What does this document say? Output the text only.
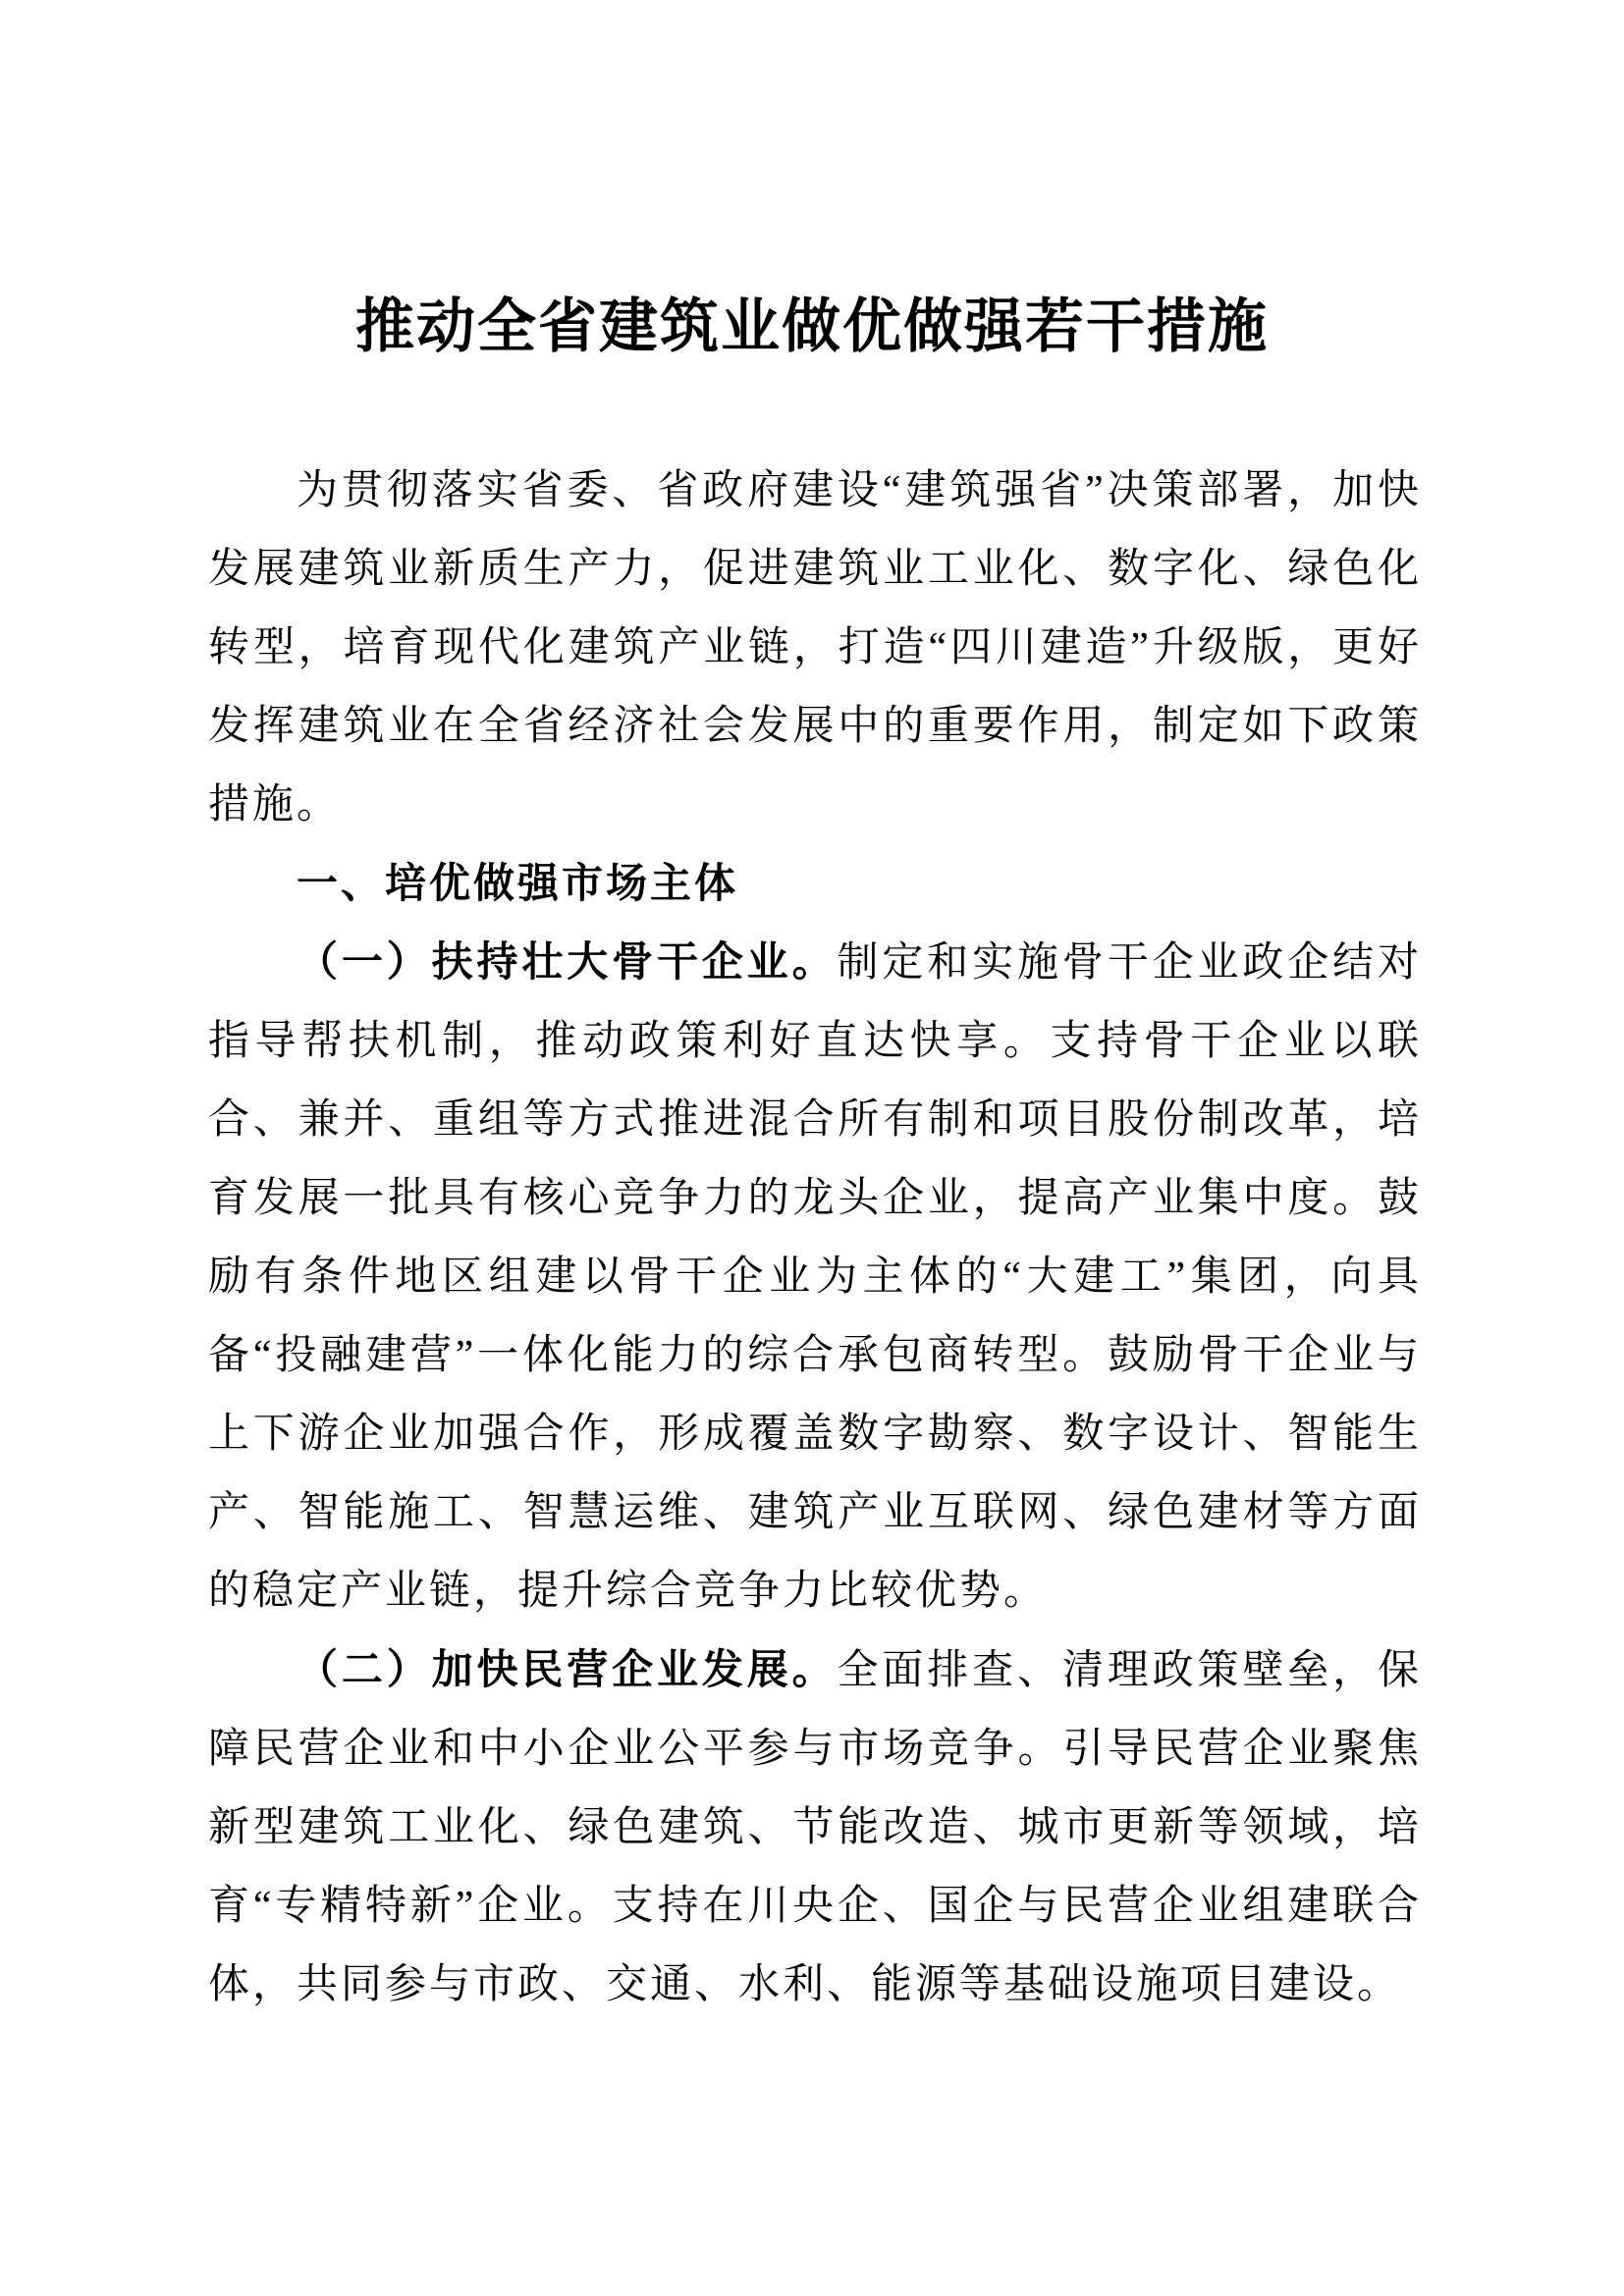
推动全省建筑业做优做强若干措施

为贯彻落实省委、省政府建设“建筑强省”决策部署，加快发展建筑业新质生产力，促进建筑业工业化、数字化、绿色化转型，培育现代化建筑产业链，打造“四川建造”升级版，更好发挥建筑业在全省经济社会发展中的重要作用，制定如下政策措施。

一、培优做强市场主体

（一）扶持壮大骨干企业。制定和实施骨干企业政企结对指导帮扶机制，推动政策利好直达快享。支持骨干企业以联合、兼并、重组等方式推进混合所有制和项目股份制改革，培育发展一批具有核心竞争力的龙头企业，提高产业集中度。鼓励有条件地区组建以骨干企业为主体的“大建工”集团，向具备“投融建营”一体化能力的综合承包商转型。鼓励骨干企业与上下游企业加强合作，形成覆盖数字勘察、数字设计、智能生产、智能施工、智慧运维、建筑产业互联网、绿色建材等方面的稳定产业链，提升综合竞争力比较优势。

（二）加快民营企业发展。全面排查、清理政策壁垒，保障民营企业和中小企业公平参与市场竞争。引导民营企业聚焦新型建筑工业化、绿色建筑、节能改造、城市更新等领域，培育“专精特新”企业。支持在川央企、国企与民营企业组建联合体，共同参与市政、交通、水利、能源等基础设施项目建设。
